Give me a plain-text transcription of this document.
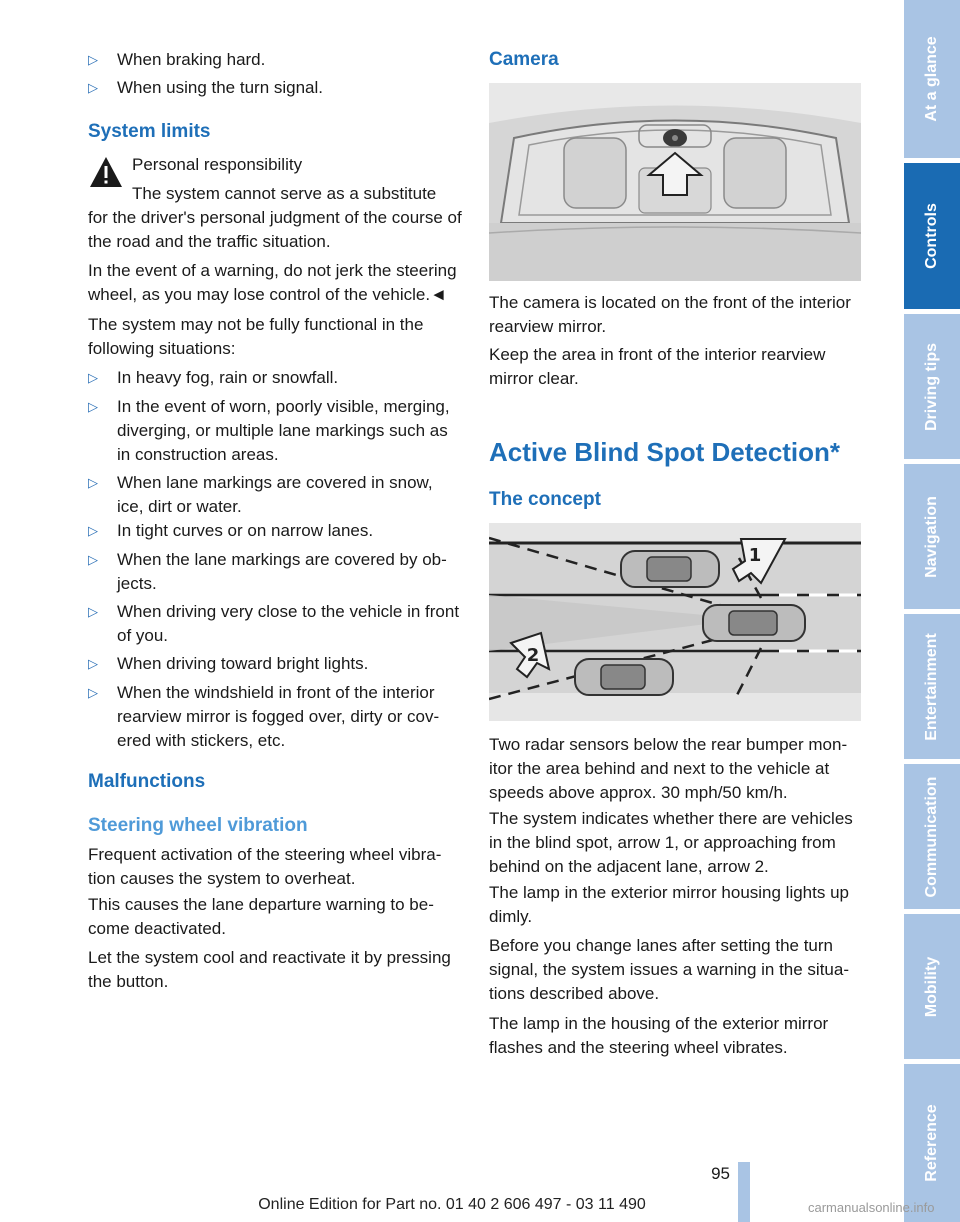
▷ When braking hard.
▷ When using the turn signal.
System limits
Personal responsibility
The system cannot serve as a substitute
for the driver's personal judgment of the course of the road and the traffic situation.
In the event of a warning, do not jerk the steering wheel, as you may lose control of the vehicle.◄
The system may not be fully functional in the following situations:
▷ In heavy fog, rain or snowfall.
▷ In the event of worn, poorly visible, merging, diverging, or multiple lane markings such as in construction areas.
▷ When lane markings are covered in snow, ice, dirt or water.
▷ In tight curves or on narrow lanes.
▷ When the lane markings are covered by objects.
▷ When driving very close to the vehicle in front of you.
▷ When driving toward bright lights.
▷ When the windshield in front of the interior rearview mirror is fogged over, dirty or covered with stickers, etc.
Malfunctions
Steering wheel vibration
Frequent activation of the steering wheel vibration causes the system to overheat.
This causes the lane departure warning to become deactivated.
Let the system cool and reactivate it by pressing the button.
Camera
The camera is located on the front of the interior rearview mirror.
Keep the area in front of the interior rearview mirror clear.
Active Blind Spot Detection*
The concept
1
2
Two radar sensors below the rear bumper monitor the area behind and next to the vehicle at speeds above approx. 30 mph/50 km/h.
The system indicates whether there are vehicles in the blind spot, arrow 1, or approaching from behind on the adjacent lane, arrow 2.
The lamp in the exterior mirror housing lights up dimly.
Before you change lanes after setting the turn signal, the system issues a warning in the situations described above.
The lamp in the housing of the exterior mirror flashes and the steering wheel vibrates.
At a glance
Controls
Driving tips
Navigation
Entertainment
Communication
Mobility
Reference
95
Online Edition for Part no. 01 40 2 606 497 - 03 11 490	carmanualsonline.info
